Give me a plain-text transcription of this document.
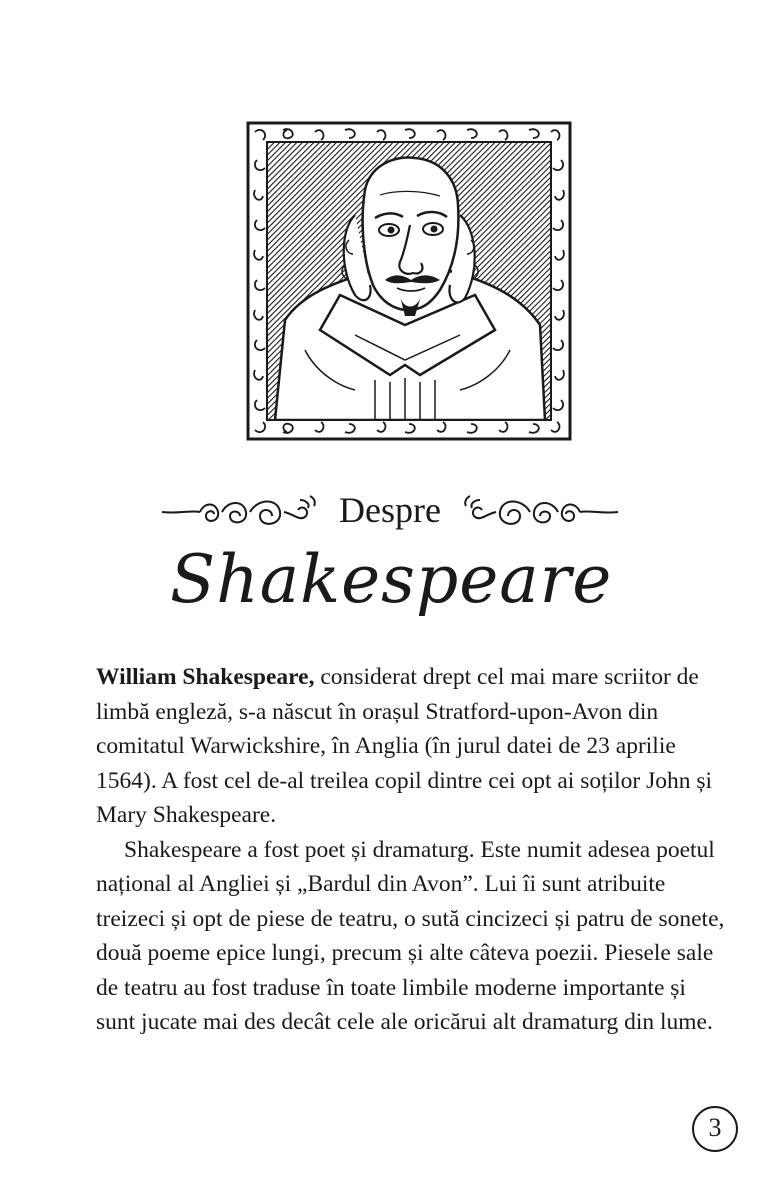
Despre
Shakespeare

William Shakespeare, considerat drept cel mai mare scriitor de limbă engleză, s-a născut în orașul Stratford-upon-Avon din comitatul Warwickshire, în Anglia (în jurul datei de 23 aprilie 1564). A fost cel de-al treilea copil dintre cei opt ai soților John și Mary Shakespeare.

Shakespeare a fost poet și dramaturg. Este numit adesea poetul național al Angliei și „Bardul din Avon”. Lui îi sunt atribuite treizeci și opt de piese de teatru, o sută cincizeci și patru de sonete, două poeme epice lungi, precum și alte câteva poezii. Piesele sale de teatru au fost traduse în toate limbile moderne importante și sunt jucate mai des decât cele ale oricărui alt dramaturg din lume.

3
